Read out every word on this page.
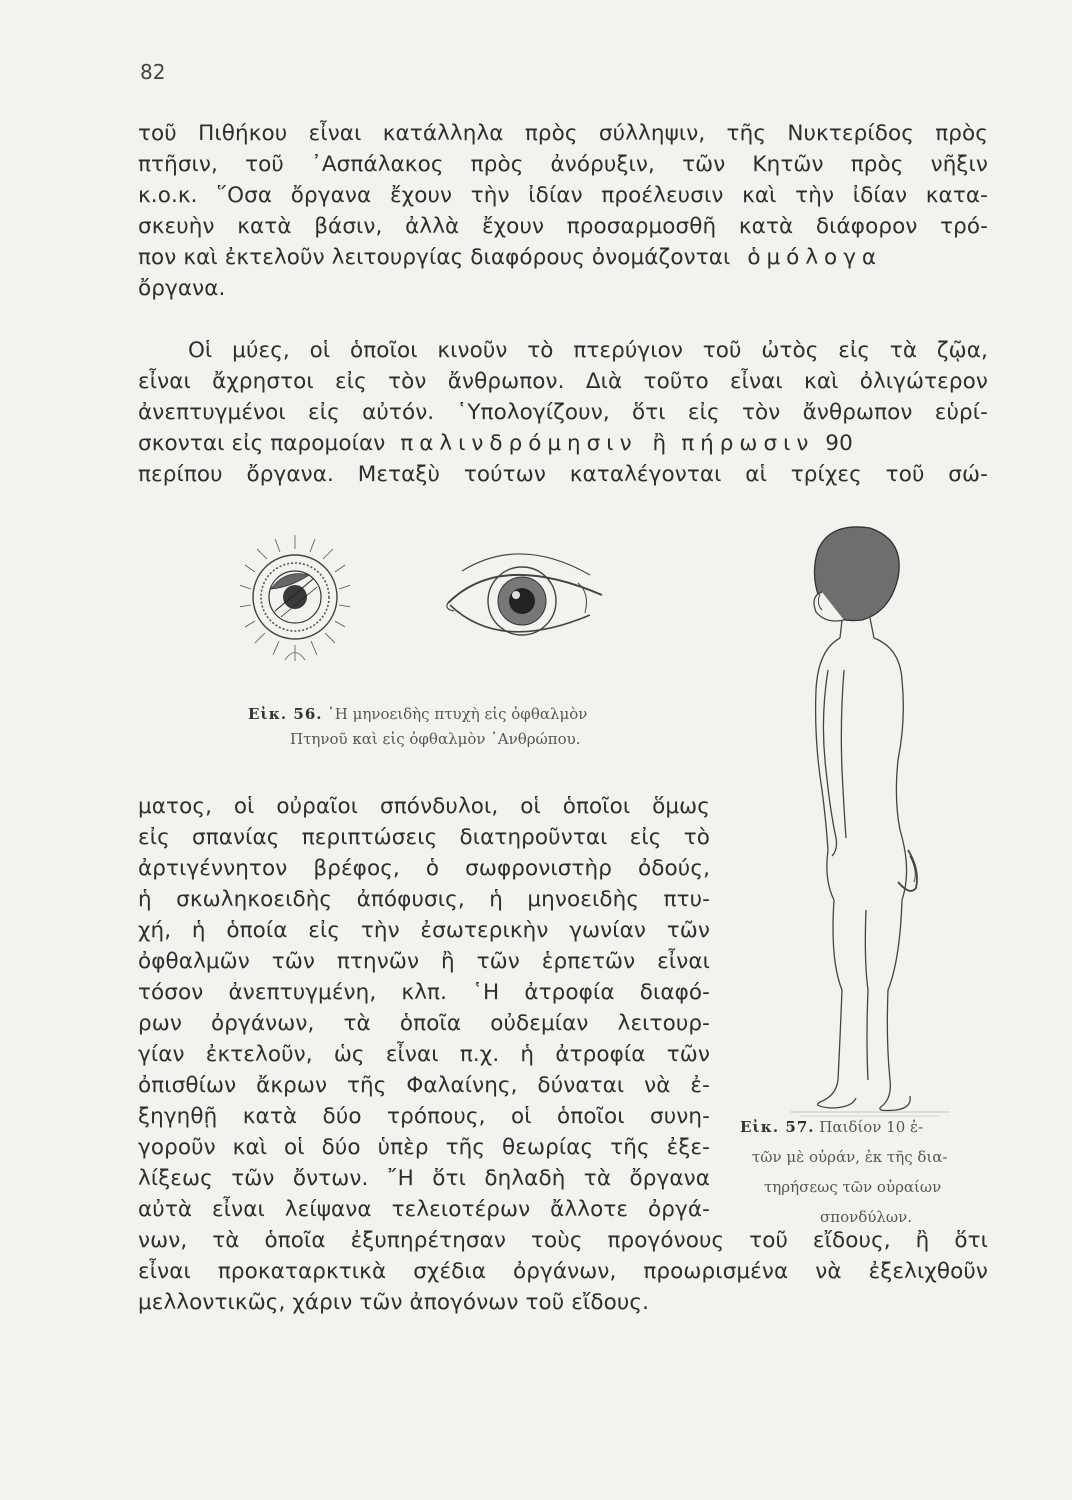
82
τοῦ Πιθήκου εἶναι κατάλληλα πρὸς σύλληψιν, τῆς Νυκτερίδος πρὸς
πτῆσιν, τοῦ ᾿Ασπάλακος πρὸς ἀνόρυξιν, τῶν Κητῶν πρὸς νῆξιν
κ.ο.κ. ῞Οσα ὄργανα ἔχουν τὴν ἰδίαν προέλευσιν καὶ τὴν ἰδίαν κατα-
σκευὴν κατὰ βάσιν, ἀλλὰ ἔχουν προσαρμοσθῆ κατὰ διάφορον τρό-
πον καὶ ἐκτελοῦν λειτουργίας διαφόρους ὀνομάζονται ὁμόλογα
ὄργανα.
Οἱ μύες, οἱ ὁποῖοι κινοῦν τὸ πτερύγιον τοῦ ὠτὸς εἰς τὰ ζῷα,
εἶναι ἄχρηστοι εἰς τὸν ἄνθρωπον. Διὰ τοῦτο εἶναι καὶ ὀλιγώτερον
ἀνεπτυγμένοι εἰς αὐτόν. ῾Υπολογίζουν, ὅτι εἰς τὸν ἄνθρωπον εὑρί-
σκονται εἰς παρομοίαν παλινδρόμησιν ἢ πήρωσιν 90
περίπου ὄργανα. Μεταξὺ τούτων καταλέγονται αἱ τρίχες τοῦ σώ-
Εἰκ. 56. ῾Η μηνοειδὴς πτυχὴ εἰς ὀφθαλμὸν
Πτηνοῦ καὶ εἰς ὀφθαλμὸν ᾿Ανθρώπου.
Εἰκ. 57. Παιδίον 10 ἐ-
τῶν μὲ οὐράν, ἐκ τῆς δια-
τηρήσεως τῶν οὐραίων
σπονδύλων.
ματος, οἱ οὐραῖοι σπόνδυλοι, οἱ ὁποῖοι ὅμως
εἰς σπανίας περιπτώσεις διατηροῦνται εἰς τὸ
ἀρτιγέννητον βρέφος, ὁ σωφρονιστὴρ ὀδούς,
ἡ σκωληκοειδὴς ἀπόφυσις, ἡ μηνοειδὴς πτυ-
χή, ἡ ὁποία εἰς τὴν ἐσωτερικὴν γωνίαν τῶν
ὀφθαλμῶν τῶν πτηνῶν ἢ τῶν ἑρπετῶν εἶναι
τόσον ἀνεπτυγμένη, κλπ. ῾Η ἀτροφία διαφό-
ρων ὀργάνων, τὰ ὁποῖα οὐδεμίαν λειτουρ-
γίαν ἐκτελοῦν, ὡς εἶναι π.χ. ἡ ἀτροφία τῶν
ὀπισθίων ἄκρων τῆς Φαλαίνης, δύναται νὰ ἐ-
ξηγηθῇ κατὰ δύο τρόπους, οἱ ὁποῖοι συνη-
γοροῦν καὶ οἱ δύο ὑπὲρ τῆς θεωρίας τῆς ἐξε-
λίξεως τῶν ὄντων. ῎Η ὅτι δηλαδὴ τὰ ὄργανα
αὐτὰ εἶναι λείψανα τελειοτέρων ἄλλοτε ὀργά-
νων, τὰ ὁποῖα ἐξυπηρέτησαν τοὺς προγόνους τοῦ εἴδους, ἢ ὅτι
εἶναι προκαταρκτικὰ σχέδια ὀργάνων, προωρισμένα νὰ ἐξελιχθοῦν
μελλοντικῶς, χάριν τῶν ἀπογόνων τοῦ εἴδους.
